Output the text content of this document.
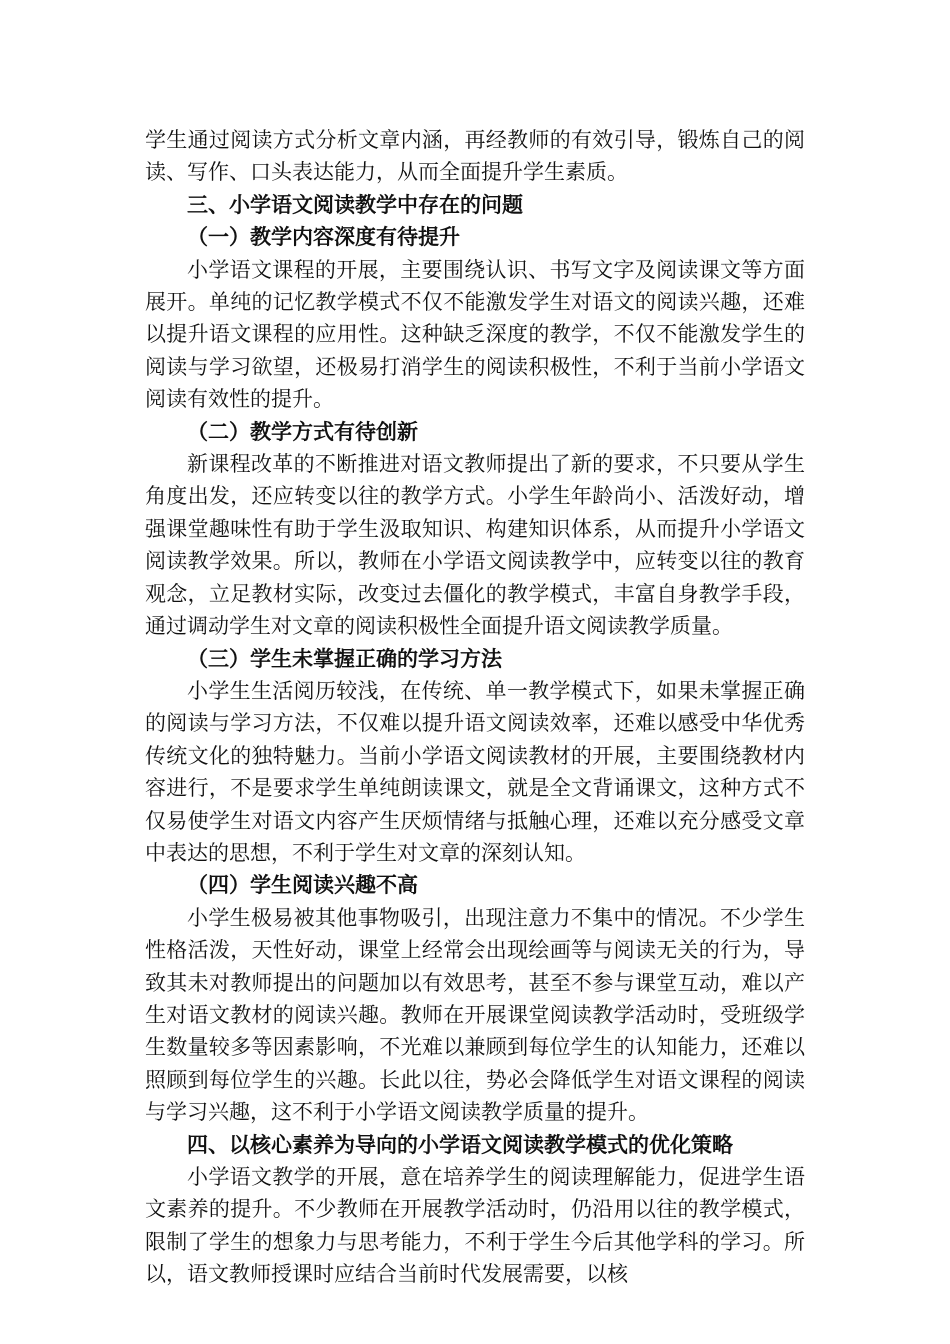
学生通过阅读方式分析文章内涵，再经教师的有效引导，锻炼自己的阅读、写作、口头表达能力，从而全面提升学生素质。

三、小学语文阅读教学中存在的问题

（一）教学内容深度有待提升

小学语文课程的开展，主要围绕认识、书写文字及阅读课文等方面展开。单纯的记忆教学模式不仅不能激发学生对语文的阅读兴趣，还难以提升语文课程的应用性。这种缺乏深度的教学，不仅不能激发学生的阅读与学习欲望，还极易打消学生的阅读积极性，不利于当前小学语文阅读有效性的提升。

（二）教学方式有待创新

新课程改革的不断推进对语文教师提出了新的要求，不只要从学生角度出发，还应转变以往的教学方式。小学生年龄尚小、活泼好动，增强课堂趣味性有助于学生汲取知识、构建知识体系，从而提升小学语文阅读教学效果。所以，教师在小学语文阅读教学中，应转变以往的教育观念，立足教材实际，改变过去僵化的教学模式，丰富自身教学手段，通过调动学生对文章的阅读积极性全面提升语文阅读教学质量。

（三）学生未掌握正确的学习方法

小学生生活阅历较浅，在传统、单一教学模式下，如果未掌握正确的阅读与学习方法，不仅难以提升语文阅读效率，还难以感受中华优秀传统文化的独特魅力。当前小学语文阅读教材的开展，主要围绕教材内容进行，不是要求学生单纯朗读课文，就是全文背诵课文，这种方式不仅易使学生对语文内容产生厌烦情绪与抵触心理，还难以充分感受文章中表达的思想，不利于学生对文章的深刻认知。

（四）学生阅读兴趣不高

小学生极易被其他事物吸引，出现注意力不集中的情况。不少学生性格活泼，天性好动，课堂上经常会出现绘画等与阅读无关的行为，导致其未对教师提出的问题加以有效思考，甚至不参与课堂互动，难以产生对语文教材的阅读兴趣。教师在开展课堂阅读教学活动时，受班级学生数量较多等因素影响，不光难以兼顾到每位学生的认知能力，还难以照顾到每位学生的兴趣。长此以往，势必会降低学生对语文课程的阅读与学习兴趣，这不利于小学语文阅读教学质量的提升。

四、以核心素养为导向的小学语文阅读教学模式的优化策略

小学语文教学的开展，意在培养学生的阅读理解能力，促进学生语文素养的提升。不少教师在开展教学活动时，仍沿用以往的教学模式，限制了学生的想象力与思考能力，不利于学生今后其他学科的学习。所以，语文教师授课时应结合当前时代发展需要，以核
